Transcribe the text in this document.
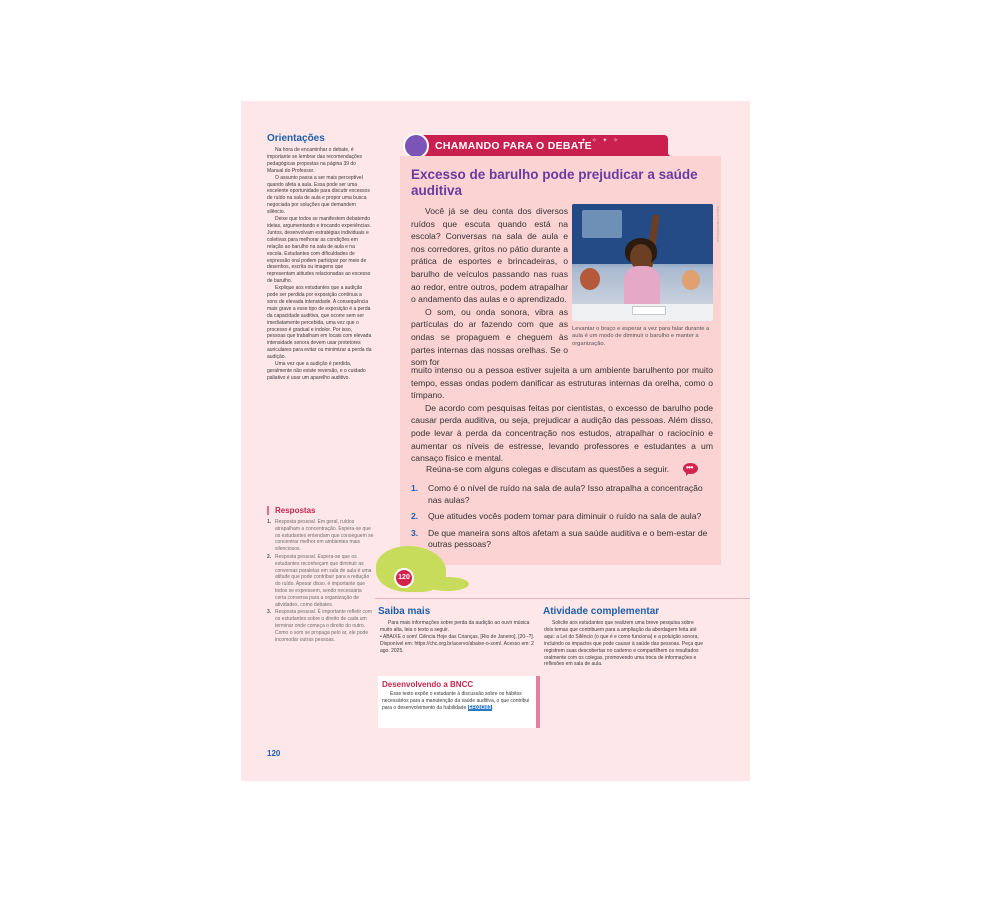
Orientações

Na hora de encaminhar o debate, é importante se lembrar das recomendações pedagógicas propostas na página 39 do Manual do Professor.

O assunto passa a ser mais perceptível quando afeta a aula. Essa pode ser uma excelente oportunidade para discutir excessos de ruído na sala de aula e propor uma busca negociada por soluções que demandem silêncio.

Deixe que todos se manifestem debatendo ideias, argumentando e trocando experiências. Juntos, desenvolvam estratégias individuais e coletivas para melhorar as condições em relação ao barulho na sala de aula e na escola. Estudantes com dificuldades de expressão oral podem participar por meio de desenhos, escrita ou imagens que representam atitudes relacionadas ao excesso de barulho.

Explique aos estudantes que a audição pode ser perdida por exposição contínua a sons de elevada intensidade. A consequência mais grave a esse tipo de exposição é a perda da capacidade auditiva, que ocorre sem ser imediatamente percebida, uma vez que o processo é gradual e indolor. Por isso, pessoas que trabalham em locais com elevada intensidade sonora devem usar protetores auriculares para evitar ou minimizar a perda da audição.

Uma vez que a audição é perdida, geralmente não existe reversão, e o cuidado paliativo é usar um aparelho auditivo.

Respostas
1. Resposta pessoal. Em geral, ruídos atrapalham a concentração. Espera-se que os estudantes entendam que conseguem se concentrar melhor em ambientes mais silenciosos.
2. Resposta pessoal. Espera-se que os estudantes reconheçam que diminuir as conversas paralelas em sala de aula é uma atitude que pode contribuir para a redução do ruído. Apesar disso, é importante que todos se expressem, sendo necessária certa conversa para a organização de atividades, como debates.
3. Resposta pessoal. É importante refletir com os estudantes sobre o direito de cada um terminar onde começa o direito do outro. Como o som se propaga pelo ar, ele pode incomodar outras pessoas.
120
CHAMANDO PARA O DEBATE
✦ ✧ ✦ ✧
Excesso de barulho pode prejudicar a saúde auditiva

Você já se deu conta dos diversos ruídos que escuta quando está na escola? Conversas na sala de aula e nos corredores, gritos no pátio durante a prática de esportes e brincadeiras, o barulho de veículos passando nas ruas ao redor, entre outros, podem atrapalhar o andamento das aulas e o aprendizado.

O som, ou onda sonora, vibra as partículas do ar fazendo com que as ondas se propaguem e cheguem às partes internas das nossas orelhas. Se o som for

Kampus Production/Pexels
Levantar o braço e esperar a vez para falar durante a aula é um modo de diminuir o barulho e manter a organização.

muito intenso ou a pessoa estiver sujeita a um ambiente barulhento por muito tempo, essas ondas podem danificar as estruturas internas da orelha, como o tímpano.

De acordo com pesquisas feitas por cientistas, o excesso de barulho pode causar perda auditiva, ou seja, prejudicar a audição das pessoas. Além disso, pode levar à perda da concentração nos estudos, atrapalhar o raciocínio e aumentar os níveis de estresse, levando professores e estudantes a um cansaço físico e mental.

Reúna-se com alguns colegas e discutam as questões a seguir. •••
1. Como é o nível de ruído na sala de aula? Isso atrapalha a concentração nas aulas?
2. Que atitudes vocês podem tomar para diminuir o ruído na sala de aula?
3. De que maneira sons altos afetam a sua saúde auditiva e o bem-estar de outras pessoas?
120
Saiba mais

Para mais informações sobre perda da audição ao ouvir música muito alta, leia o texto a seguir.

• ABAIXE o som! Ciência Hoje das Crianças, [Rio de Janeiro], [20--?]. Disponível em: https://chc.org.br/acervo/abaixe-o-som/. Acesso em: 2 ago. 2025.

Desenvolvendo a BNCC
Esse texto expõe o estudante à discussão sobre os hábitos necessários para a manutenção da saúde auditiva, o que contribui para o desenvolvimento da habilidade EF03CI03.
Atividade complementar
Solicite aos estudantes que realizem uma breve pesquisa sobre dois temas que contribuem para a ampliação da abordagem feita até aqui: a Lei do Silêncio (o que é e como funciona) e a poluição sonora, incluindo os impactos que pode causar à saúde das pessoas. Peça que registrem suas descobertas no caderno e compartilhem os resultados oralmente com os colegas, promovendo uma troca de informações e reflexões em sala de aula.
